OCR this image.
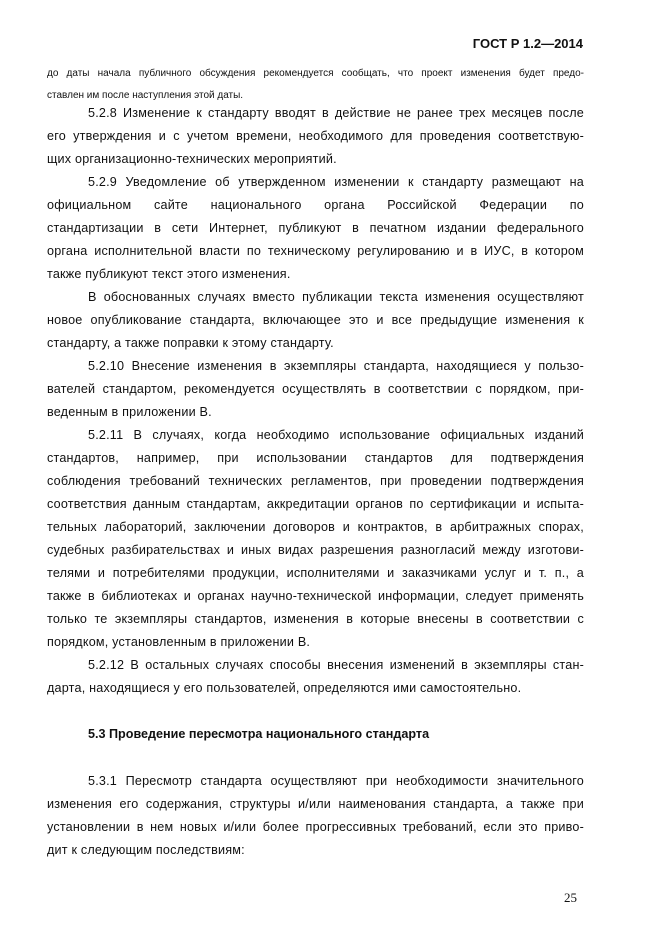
ГОСТ Р 1.2—2014
до даты начала публичного обсуждения рекомендуется сообщать, что проект изменения будет предо-
ставлен им после наступления этой даты.
5.2.8 Изменение к стандарту вводят в действие не ранее трех месяцев после
его утверждения и с учетом времени, необходимого для проведения соответствую-
щих организационно-технических мероприятий.
5.2.9 Уведомление об утвержденном изменении к стандарту размещают на
официальном сайте национального органа Российской Федерации по
стандартизации в сети Интернет, публикуют в печатном издании федерального
органа исполнительной власти по техническому регулированию и в ИУС, в котором
также публикуют текст этого изменения.
В обоснованных случаях вместо публикации текста изменения осуществляют
новое опубликование стандарта, включающее это и все предыдущие изменения к
стандарту, а также поправки к этому стандарту.
5.2.10 Внесение изменения в экземпляры стандарта, находящиеся у пользо-
вателей стандартом, рекомендуется осуществлять в соответствии с порядком, при-
веденным в приложении В.
5.2.11 В случаях, когда необходимо использование официальных изданий
стандартов, например, при использовании стандартов для подтверждения
соблюдения требований технических регламентов, при проведении подтверждения
соответствия данным стандартам, аккредитации органов по сертификации и испыта-
тельных лабораторий, заключении договоров и контрактов, в арбитражных спорах,
судебных разбирательствах и иных видах разрешения разногласий между изготови-
телями и потребителями продукции, исполнителями и заказчиками услуг и т. п., а
также в библиотеках и органах научно-технической информации, следует применять
только те экземпляры стандартов, изменения в которые внесены в соответствии с
порядком, установленным в приложении В.
5.2.12 В остальных случаях способы внесения изменений в экземпляры стан-
дарта, находящиеся у его пользователей, определяются ими самостоятельно.
5.3 Проведение пересмотра национального стандарта
5.3.1 Пересмотр стандарта осуществляют при необходимости значительного
изменения его содержания, структуры и/или наименования стандарта, а также при
установлении в нем новых и/или более прогрессивных требований, если это приво-
дит к следующим последствиям:
25
